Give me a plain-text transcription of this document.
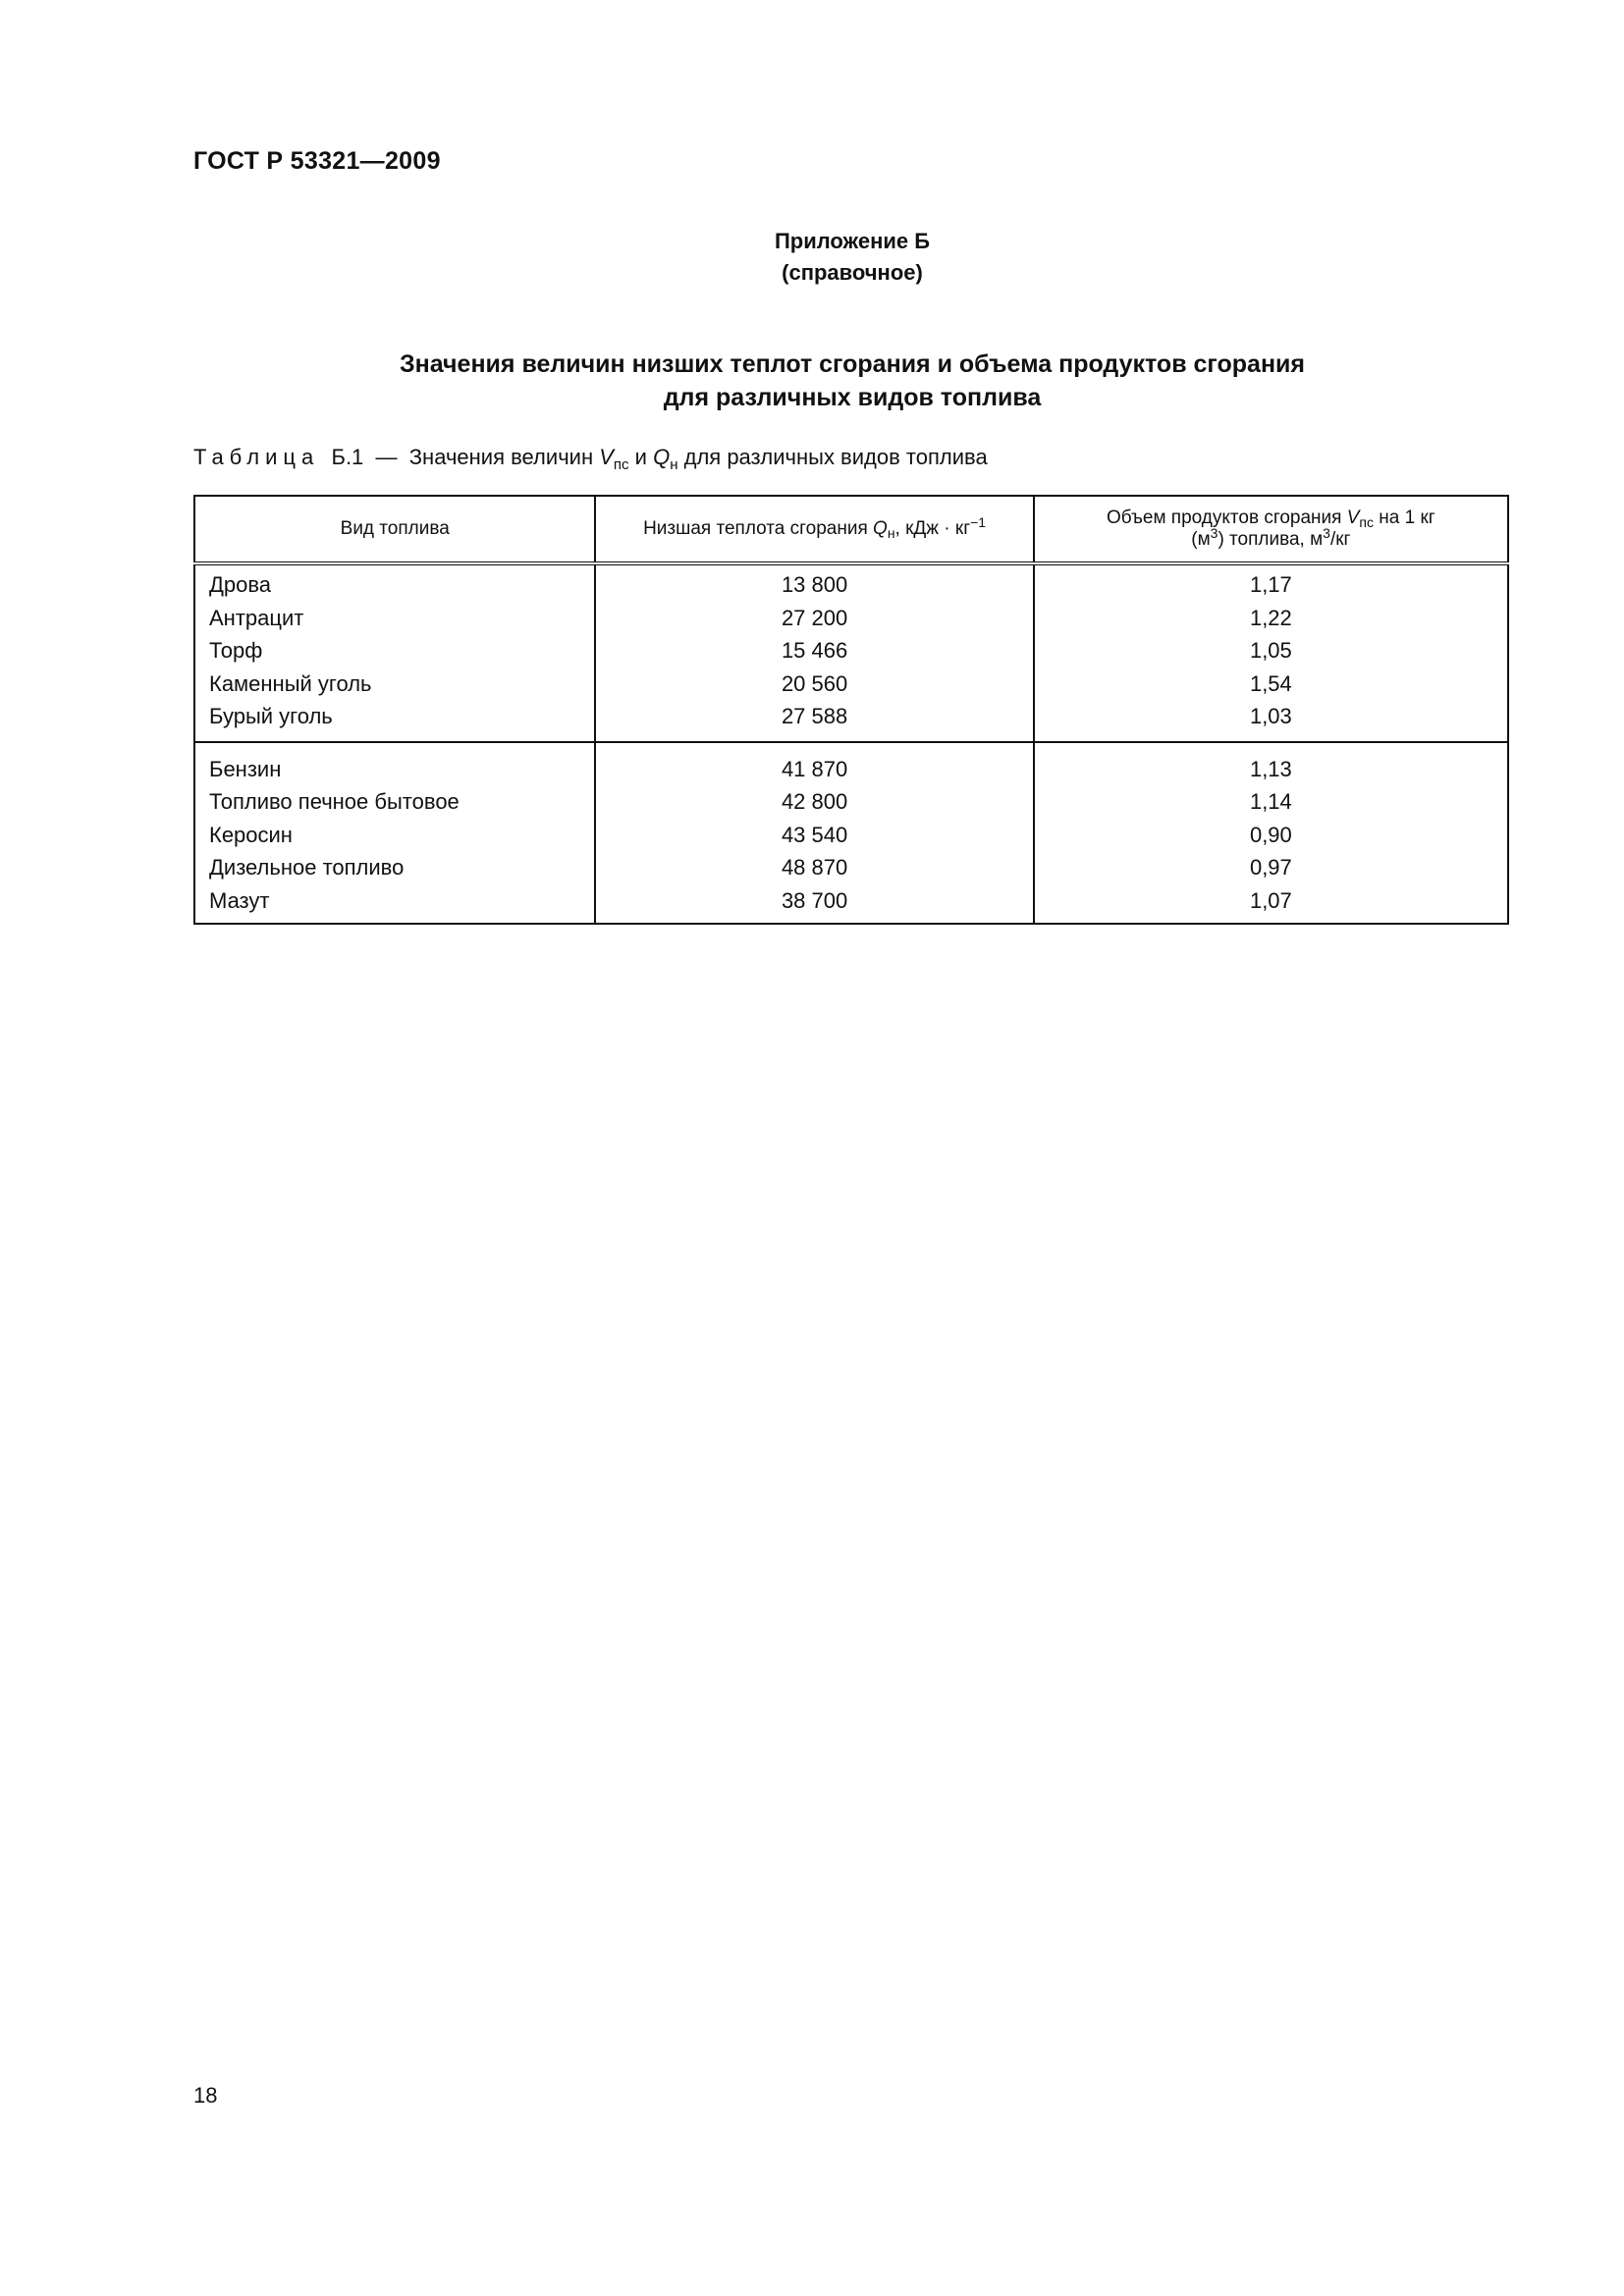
ГОСТ Р 53321—2009
Приложение Б
(справочное)
Значения величин низших теплот сгорания и объема продуктов сгорания
для различных видов топлива
Таблица Б.1 — Значения величин $V_{пс}$ и $Q_н$ для различных видов топлива
Вид топлива	Низшая теплота сгорания $Q_н$, кДж · $кг^{-1}$	Объем продуктов сгорания $V_{пс}$ на 1 кг
$(м^3)$ топлива, $м^3/кг$
Дрова	13 800	1,17
Антрацит	27 200	1,22
Торф	15 466	1,05
Каменный уголь	20 560	1,54
Бурый уголь	27 588	1,03
Бензин	41 870	1,13
Топливо печное бытовое	42 800	1,14
Керосин	43 540	0,90
Дизельное топливо	48 870	0,97
Мазут	38 700	1,07
18
